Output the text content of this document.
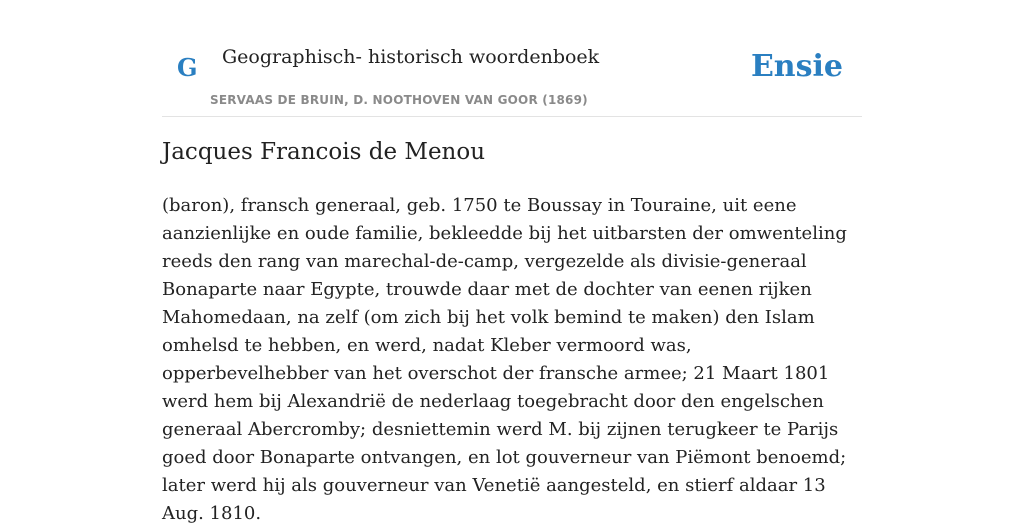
G Geographisch- historisch woordenboek
SERVAAS DE BRUIN, D. NOOTHOVEN VAN GOOR (1869)
Ensie
Jacques Francois de Menou

(baron), fransch generaal, geb. 1750 te Boussay in Touraine, uit eene aanzienlijke en oude familie, bekleedde bij het uitbarsten der omwenteling reeds den rang van marechal-de-camp, vergezelde als divisie-generaal Bonaparte naar Egypte, trouwde daar met de dochter van eenen rijken Mahomedaan, na zelf (om zich bij het volk bemind te maken) den Islam omhelsd te hebben, en werd, nadat Kleber vermoord was, opperbevelhebber van het overschot der fransche armee; 21 Maart 1801 werd hem bij Alexandrië de nederlaag toegebracht door den engelschen generaal Abercromby; desniettemin werd M. bij zijnen terugkeer te Parijs goed door Bonaparte ontvangen, en lot gouverneur van Piëmont benoemd; later werd hij als gouverneur van Venetië aangesteld, en stierf aldaar 13 Aug. 1810.
